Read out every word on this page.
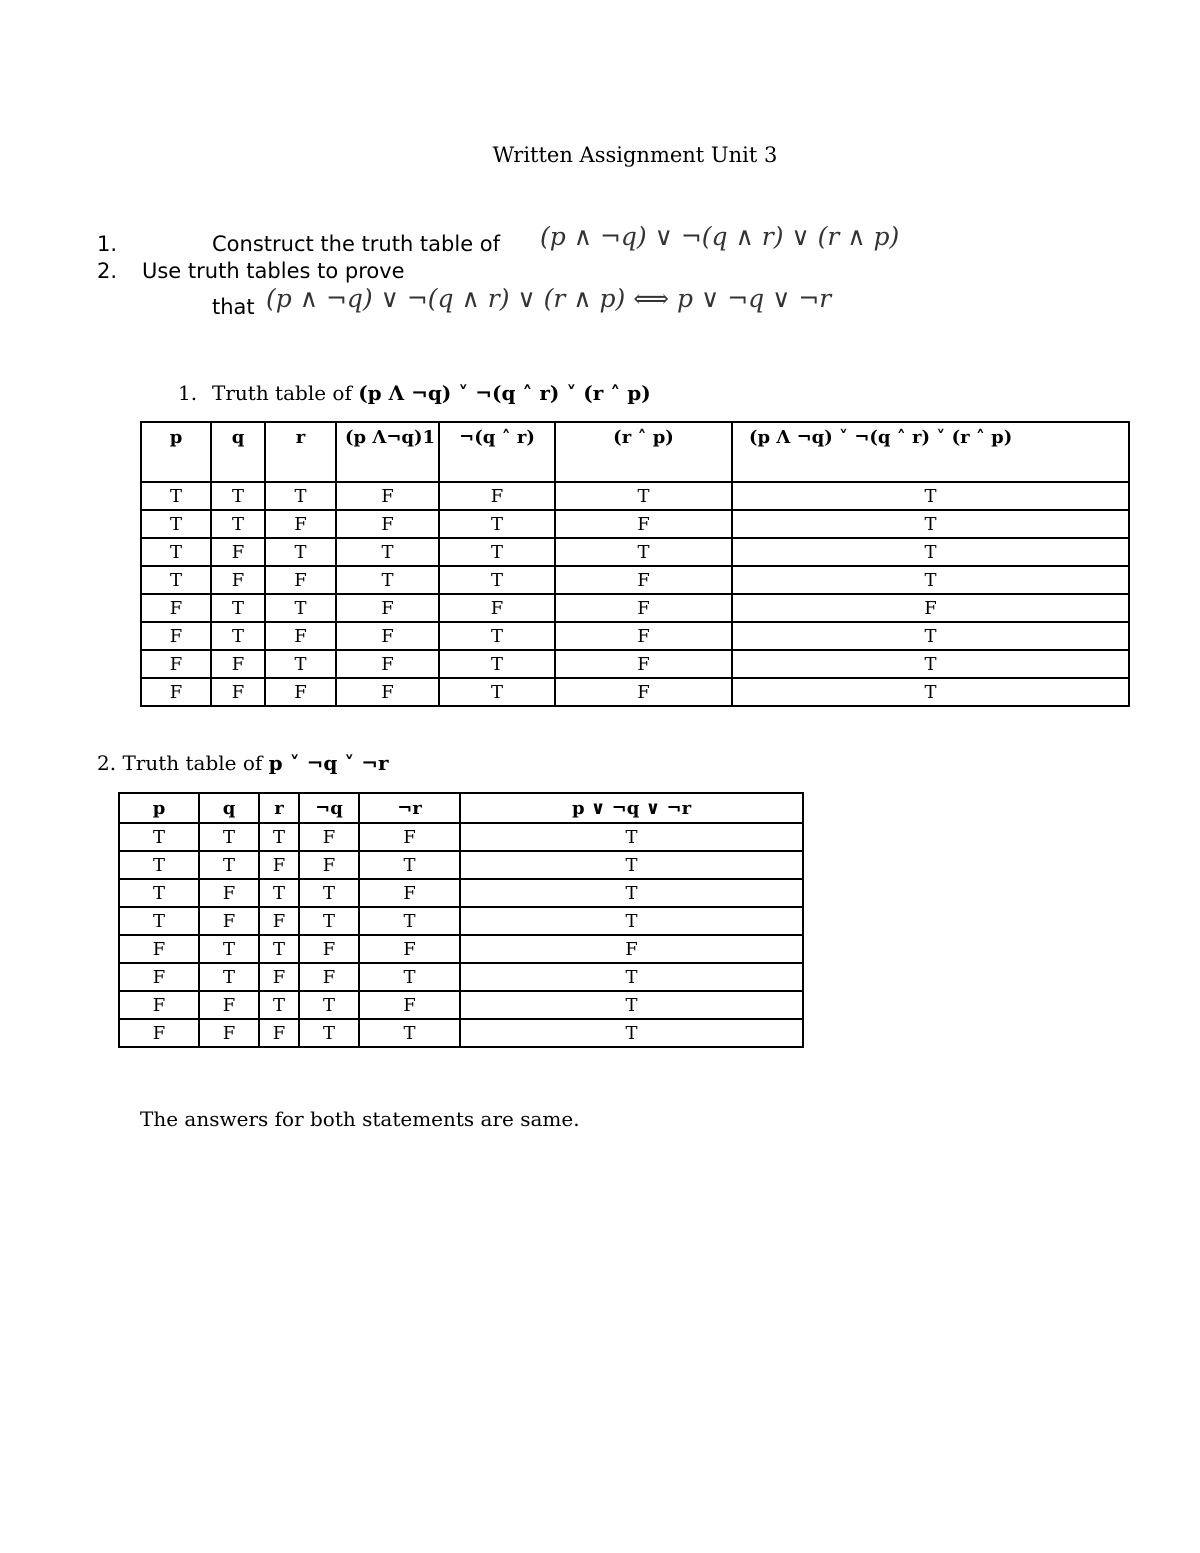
Written Assignment Unit 3
1.	Construct the truth table of (p ∧ ¬q) ∨ ¬(q ∧ r) ∨ (r ∧ p)
2. Use truth tables to prove
that (p ∧ ¬q) ∨ ¬(q ∧ r) ∨ (r ∧ p) ⟺ p ∨ ¬q ∨ ¬r
1. Truth table of (p Λ ¬q) ˅ ¬(q ˄ r) ˅ (r ˄ p)
p	q	r	(p Λ¬q)1	¬(q ˄ r)	(r ˄ p)	(p Λ ¬q) ˅ ¬(q ˄ r) ˅ (r ˄ p)
T	T	T	F	F	T	T
T	T	F	F	T	F	T
T	F	T	T	T	T	T
T	F	F	T	T	F	T
F	T	T	F	F	F	F
F	T	F	F	T	F	T
F	F	T	F	T	F	T
F	F	F	F	T	F	T
2. Truth table of p ˅ ¬q ˅ ¬r
p	q	r	¬q	¬r	p ∨ ¬q ∨ ¬r
T	T	T	F	F	T
T	T	F	F	T	T
T	F	T	T	F	T
T	F	F	T	T	T
F	T	T	F	F	F
F	T	F	F	T	T
F	F	T	T	F	T
F	F	F	T	T	T
The answers for both statements are same.
